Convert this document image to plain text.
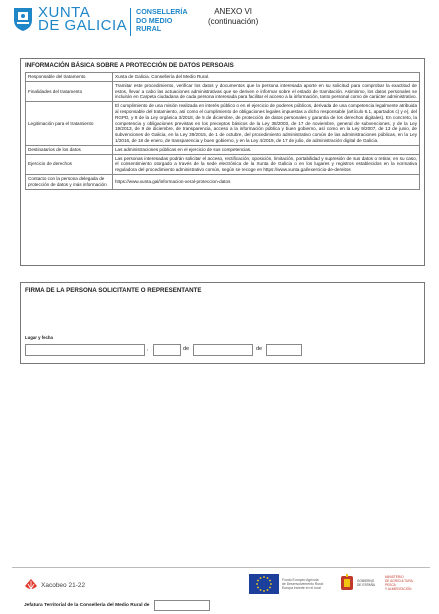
XUNTA
DE GALICIA
CONSELLERÍA
DO MEDIO
RURAL
ANEXO VI
(continuación)
INFORMACIÓN BÁSICA SOBRE A PROTECCIÓN DE DATOS PERSOAIS
Responsable del tratamento	Xunta de Galicia. Consellería del Medio Rural.
Finalidades del tratamento	Tramitar este procedimiento, verificar los datos y documentos que la persona interesada aporte en su solicitud para comprobar la exactitud de estos, llevar a cabo las actuaciones administrativas que se deriven e informar sobre el estado de tramitación. Asimismo, los datos personales se incluirán en Carpeta ciudadana de cada persona interesada para facilitar el acceso a la información, tanto personal como de carácter administrativo.
Legitimación para el tratamiento	El cumplimiento de una misión realizada en interés público o en el ejercicio de poderes públicos, derivada de una competencia legalmente atribuida al responsable del tratamiento, así como el cumplimiento de obligaciones legales impuestas a dicho responsable (artículo 6.1, apartados c) y e), del RGPD, y 8 de la Ley orgánica 3/2018, de 5 de diciembre, de protección de datos personales y garantía de los derechos digitales). En concreto, la competencia y obligaciones previstas en los preceptos básicos de la Ley 38/2003, de 17 de noviembre, general de subvenciones, y de la Ley 19/2013, de 9 de diciembre, de transparencia, acceso a la información pública y buen gobierno, así como en la Ley 9/2007, de 13 de junio, de subvenciones de Galicia, en la Ley 39/2015, de 1 de octubre, del procedimiento administrativo común de las administraciones públicas, en la Ley 1/2016, de 18 de enero, de transparencia y buen gobierno, y en la Ley 4/2019, de 17 de julio, de administración digital de Galicia.
Destinatarios de los datos	Las administraciones públicas en el ejercicio de sus competencias.
Ejercicio de derechos	Las personas interesadas podrán solicitar el acceso, rectificación, oposición, limitación, portabilidad y supresión de sus datos o retirar, en su caso, el consentimiento otorgado a través de la sede electrónica de la Xunta de Galicia o en los lugares y registros establecidos en la normativa reguladora del procedimiento administrativo común, según se recoge en https://www.xunta.gal/exercicio-de-dereitos
Contacto con la persona delegada de protección de datos y más información	https://www.xunta.gal/informacion-xeral-proteccion-datos
FIRMA DE LA PERSONA SOLICITANTE O REPRESENTANTE
Lugar y fecha
,	de	de
Xacobeo 21-22
Fondo Europeo Agrícola
de Desenvolvemento Rural:
Europa invierte en el rural
GOBIERNO
DE ESPAÑA
MINISTERIO
DE AGRICULTURA, PESCA
Y ALIMENTACIÓN
Jefatura Territorial de la Consellería del Medio Rural de
